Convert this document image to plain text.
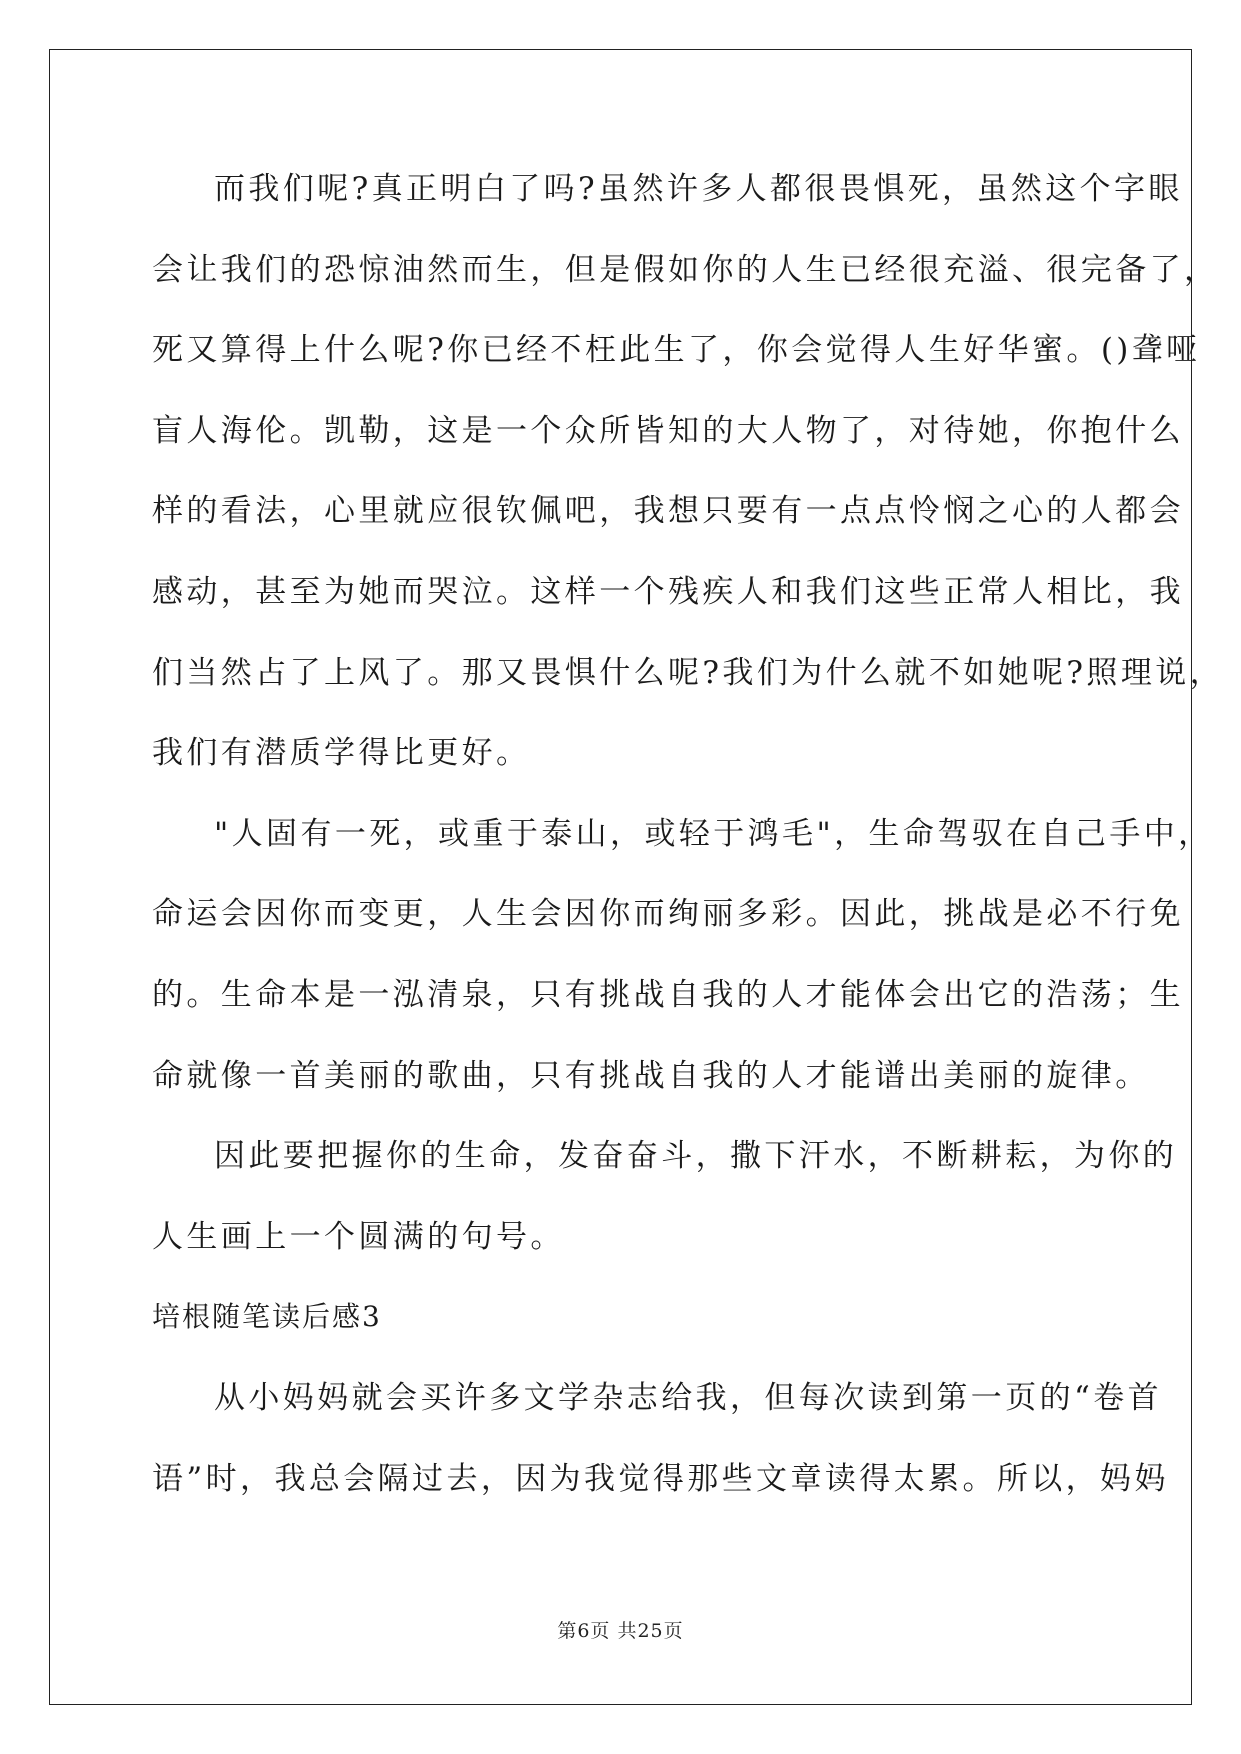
而我们呢?真正明白了吗?虽然许多人都很畏惧死，虽然这个字眼
会让我们的恐惊油然而生，但是假如你的人生已经很充溢、很完备了，
死又算得上什么呢?你已经不枉此生了，你会觉得人生好华蜜。()聋哑
盲人海伦。凯勒，这是一个众所皆知的大人物了，对待她，你抱什么
样的看法，心里就应很钦佩吧，我想只要有一点点怜悯之心的人都会
感动，甚至为她而哭泣。这样一个残疾人和我们这些正常人相比，我
们当然占了上风了。那又畏惧什么呢?我们为什么就不如她呢?照理说，
我们有潜质学得比更好。
"人固有一死，或重于泰山，或轻于鸿毛"，生命驾驭在自己手中，
命运会因你而变更，人生会因你而绚丽多彩。因此，挑战是必不行免
的。生命本是一泓清泉，只有挑战自我的人才能体会出它的浩荡；生
命就像一首美丽的歌曲，只有挑战自我的人才能谱出美丽的旋律。
因此要把握你的生命，发奋奋斗，撒下汗水，不断耕耘，为你的
人生画上一个圆满的句号。
培根随笔读后感3
从小妈妈就会买许多文学杂志给我，但每次读到第一页的“卷首
语”时，我总会隔过去，因为我觉得那些文章读得太累。所以，妈妈
第6页 共25页
